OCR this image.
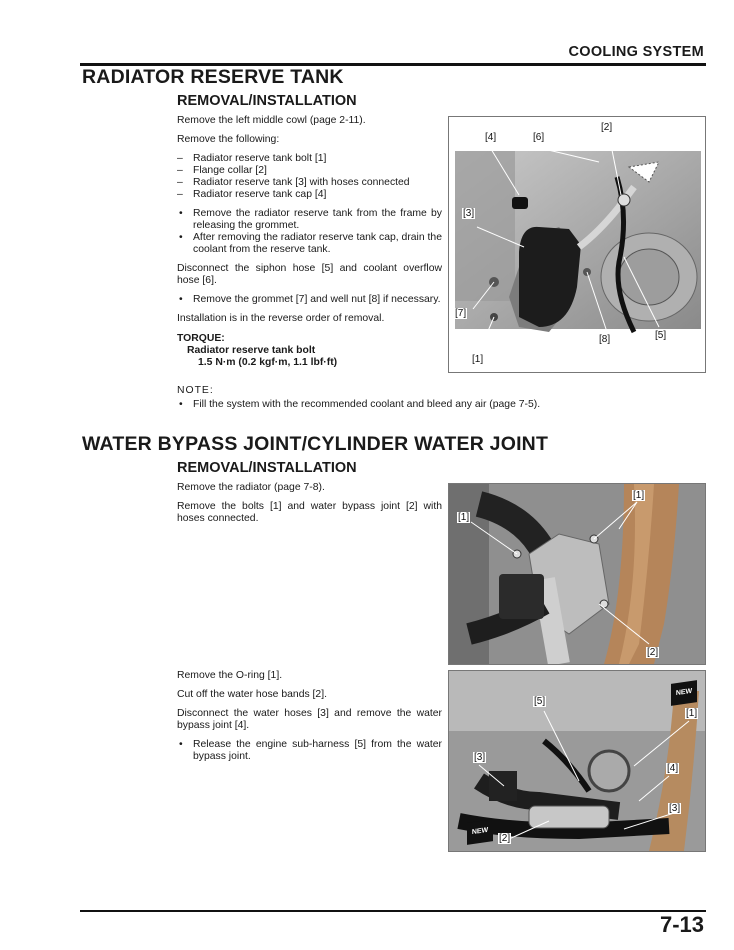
COOLING SYSTEM
RADIATOR RESERVE TANK
REMOVAL/INSTALLATION
Remove the left middle cowl (page 2-11).
Remove the following:
– Radiator reserve tank bolt [1]
– Flange collar [2]
– Radiator reserve tank [3] with hoses connected
– Radiator reserve tank cap [4]
• Remove the radiator reserve tank from the frame by releasing the grommet.
• After removing the radiator reserve tank cap, drain the coolant from the reserve tank.
Disconnect the siphon hose [5] and coolant overflow hose [6].
• Remove the grommet [7] and well nut [8] if necessary.
Installation is in the reverse order of removal.
TORQUE:
Radiator reserve tank bolt
1.5 N·m (0.2 kgf·m, 1.1 lbf·ft)
[4]	[6]
[2]
[3]
[7]
[1]
[8]	[5]
NOTE:
• Fill the system with the recommended coolant and bleed any air (page 7-5).
WATER BYPASS JOINT/CYLINDER WATER JOINT
REMOVAL/INSTALLATION
Remove the radiator (page 7-8).
Remove the bolts [1] and water bypass joint [2] with hoses connected.
Remove the O-ring [1].
Cut off the water hose bands [2].
Disconnect the water hoses [3] and remove the water bypass joint [4].
• Release the engine sub-harness [5] from the water bypass joint.
[1]
[1]
[2]
[5]
[1]
[3]
[4]
[3]
[2]
NEW
NEW
7-13
